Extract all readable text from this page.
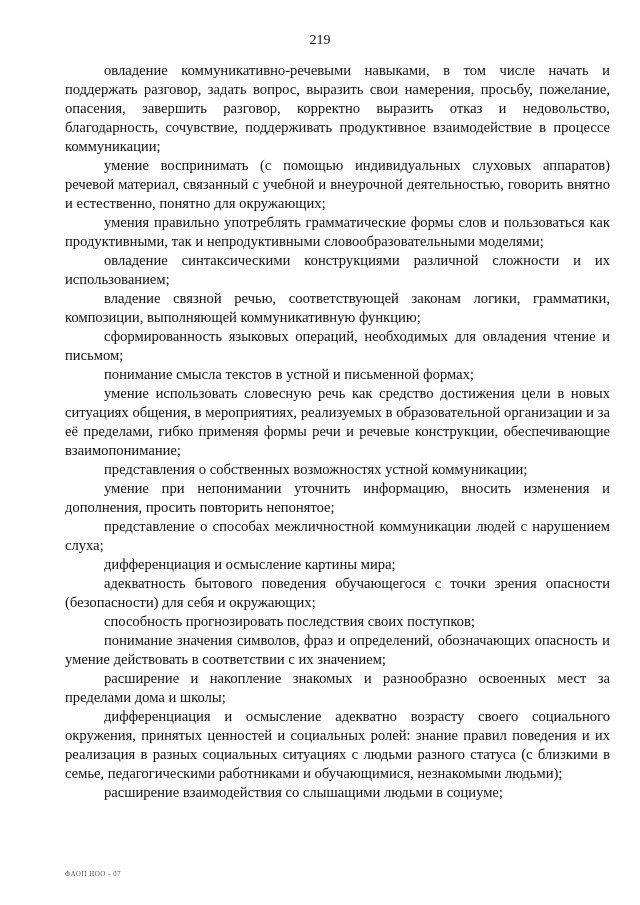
219

овладение коммуникативно-речевыми навыками, в том числе начать и поддержать разговор, задать вопрос, выразить свои намерения, просьбу, пожелание, опасения, завершить разговор, корректно выразить отказ и недовольство, благодарность, сочувствие, поддерживать продуктивное взаимодействие в процессе коммуникации;

умение воспринимать (с помощью индивидуальных слуховых аппаратов) речевой материал, связанный с учебной и внеурочной деятельностью, говорить внятно и естественно, понятно для окружающих;

умения правильно употреблять грамматические формы слов и пользоваться как продуктивными, так и непродуктивными словообразовательными моделями;

овладение синтаксическими конструкциями различной сложности и их использованием;

владение связной речью, соответствующей законам логики, грамматики, композиции, выполняющей коммуникативную функцию;

сформированность языковых операций, необходимых для овладения чтение и письмом;

понимание смысла текстов в устной и письменной формах;

умение использовать словесную речь как средство достижения цели в новых ситуациях общения, в мероприятиях, реализуемых в образовательной организации и за её пределами, гибко применяя формы речи и речевые конструкции, обеспечивающие взаимопонимание;

представления о собственных возможностях устной коммуникации;

умение при непонимании уточнить информацию, вносить изменения и дополнения, просить повторить непонятое;

представление о способах межличностной коммуникации людей с нарушением слуха;

дифференциация и осмысление картины мира;

адекватность бытового поведения обучающегося с точки зрения опасности (безопасности) для себя и окружающих;

способность прогнозировать последствия своих поступков;

понимание значения символов, фраз и определений, обозначающих опасность и умение действовать в соответствии с их значением;

расширение и накопление знакомых и разнообразно освоенных мест за пределами дома и школы;

дифференциация и осмысление адекватно возрасту своего социального окружения, принятых ценностей и социальных ролей: знание правил поведения и их реализация в разных социальных ситуациях с людьми разного статуса (с близкими в семье, педагогическими работниками и обучающимися, незнакомыми людьми);

расширение взаимодействия со слышащими людьми в социуме;

ФАОП НОО - 07
